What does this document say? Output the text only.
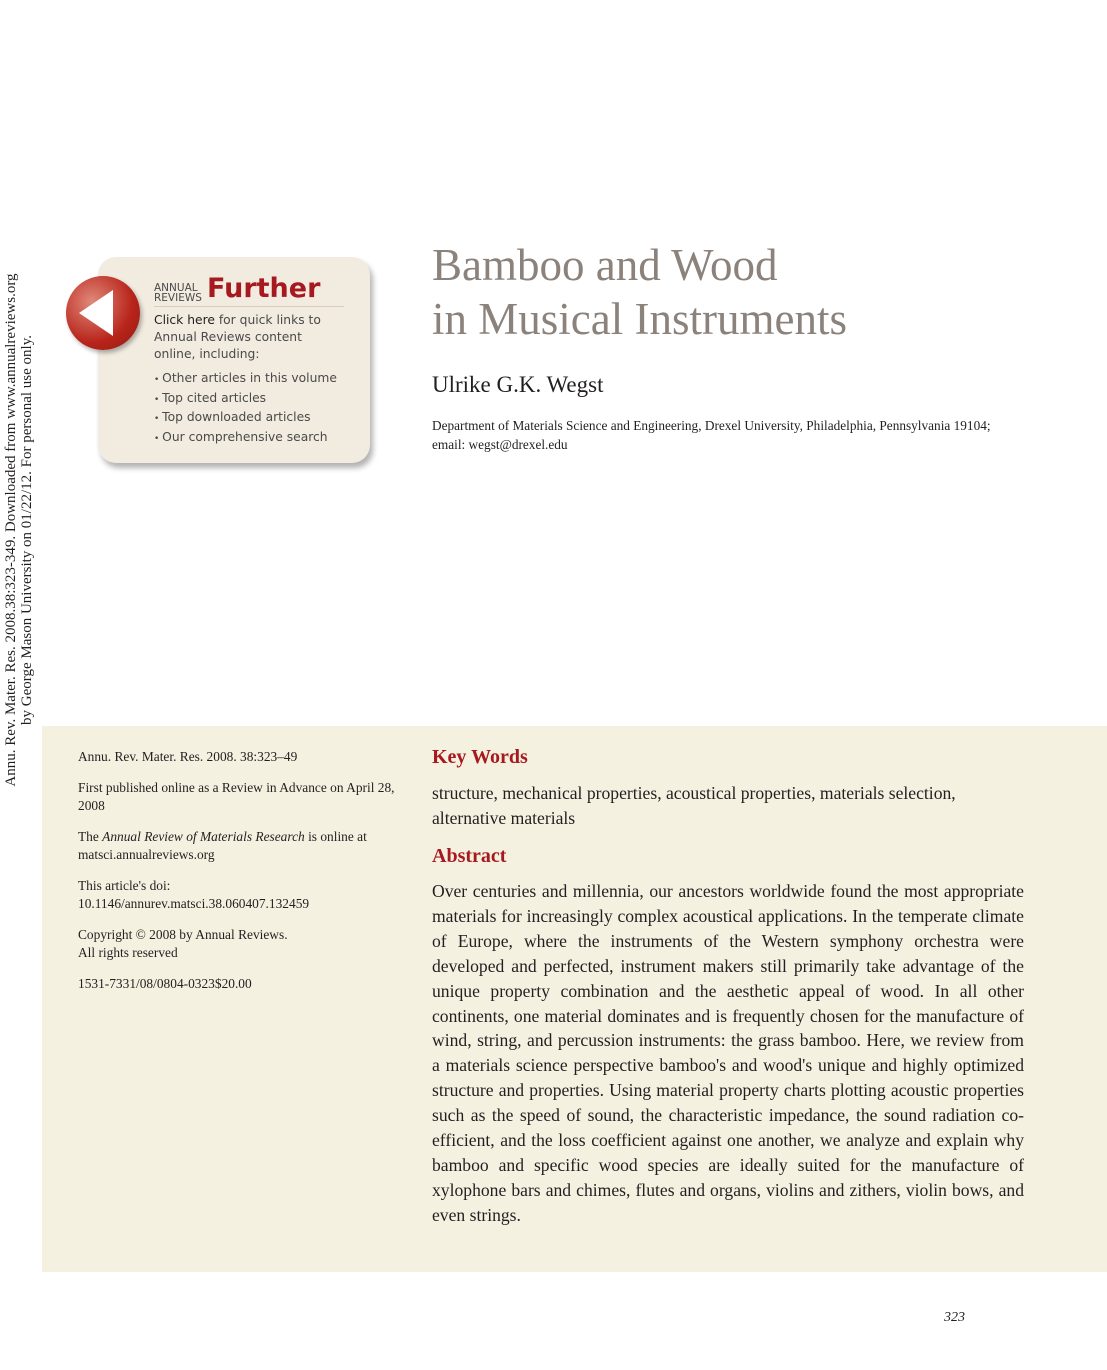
Annu. Rev. Mater. Res. 2008.38:323-349. Downloaded from www.annualreviews.org by George Mason University on 01/22/12. For personal use only.
ANNUAL
REVIEWS Further
Click here for quick links to Annual Reviews content online, including:
• Other articles in this volume
• Top cited articles
• Top downloaded articles
• Our comprehensive search
Bamboo and Wood
in Musical Instruments
Ulrike G.K. Wegst
Department of Materials Science and Engineering, Drexel University, Philadelphia, Pennsylvania 19104; email: wegst@drexel.edu

Annu. Rev. Mater. Res. 2008. 38:323–49

First published online as a Review in Advance on April 28, 2008

The Annual Review of Materials Research is online at matsci.annualreviews.org

This article's doi:
10.1146/annurev.matsci.38.060407.132459

Copyright © 2008 by Annual Reviews.
All rights reserved

1531-7331/08/0804-0323$20.00

Key Words
structure, mechanical properties, acoustical properties, materials selection, alternative materials
Abstract
Over centuries and millennia, our ancestors worldwide found the most appropriate materials for increasingly complex acoustical applications. In the temperate climate of Europe, where the instruments of the Western symphony orchestra were developed and perfected, instrument makers still primarily take advantage of the unique property combination and the aesthetic appeal of wood. In all other continents, one material dominates and is frequently chosen for the manufacture of wind, string, and percussion instruments: the grass bamboo. Here, we review from a materials science perspective bamboo's and wood's unique and highly optimized structure and properties. Using material property charts plotting acoustic properties such as the speed of sound, the characteristic impedance, the sound radiation coefficient, and the loss coefficient against one another, we analyze and explain why bamboo and specific wood species are ideally suited for the manufacture of xylophone bars and chimes, flutes and organs, violins and zithers, violin bows, and even strings.
323
